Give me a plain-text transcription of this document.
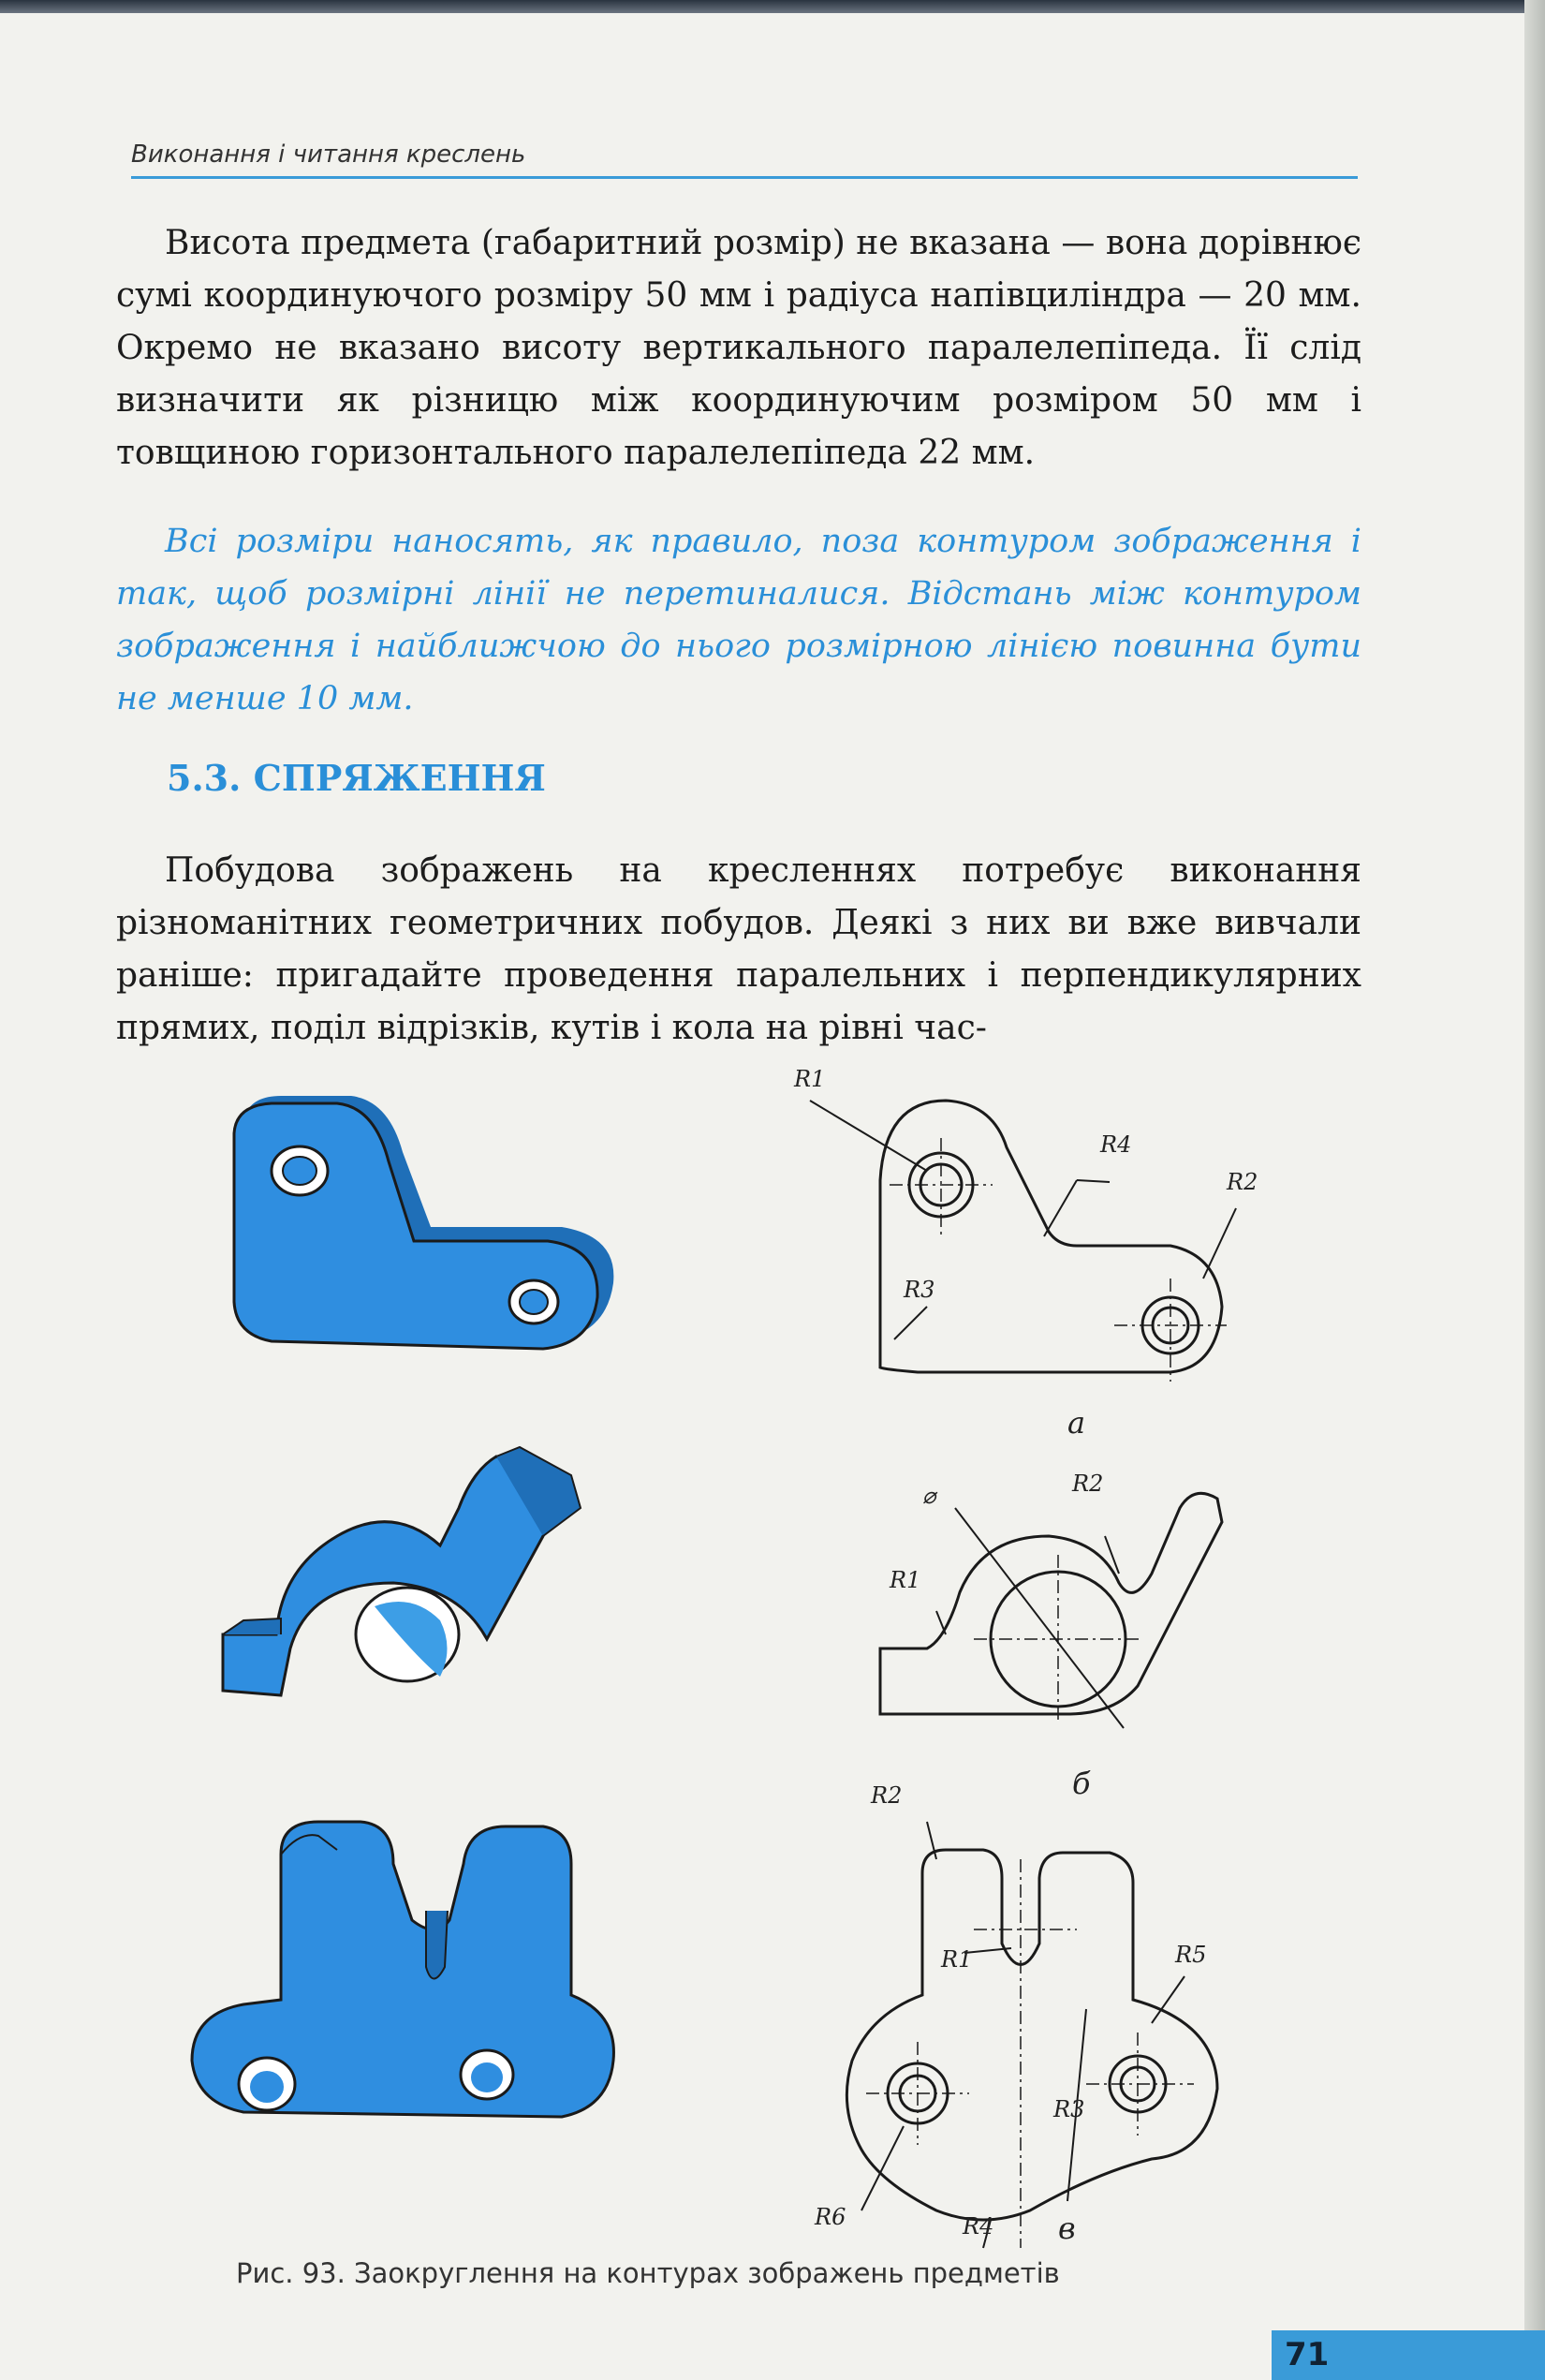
Виконання і читання креслень

Висота предмета (габаритний розмір) не вказана — вона дорівнює сумі координуючого розміру 50 мм і радіуса напівциліндра — 20 мм. Окремо не вказано висоту вертикального паралелепіпеда. Її слід визначити як різницю між координуючим розміром 50 мм і товщиною горизонтального паралелепіпеда 22 мм.

Всі розміри наносять, як правило, поза контуром зображення і так, щоб розмірні лінії не перетиналися. Відстань між контуром зображення і найближчою до нього розмірною лінією повинна бути не менше 10 мм.

5.3. СПРЯЖЕННЯ

Побудова зображень на кресленнях потребує виконання різноманітних геометричних побудов. Деякі з них ви вже вивчали раніше: пригадайте проведення паралельних і перпендикулярних прямих, поділ відрізків, кутів і кола на рівні час-

R1
R4
R2
R3
а
⌀
R1
R2
б
R2
R1	R5
R3
R6	R4 в
Рис. 93. Заокруглення на контурах зображень предметів
71
